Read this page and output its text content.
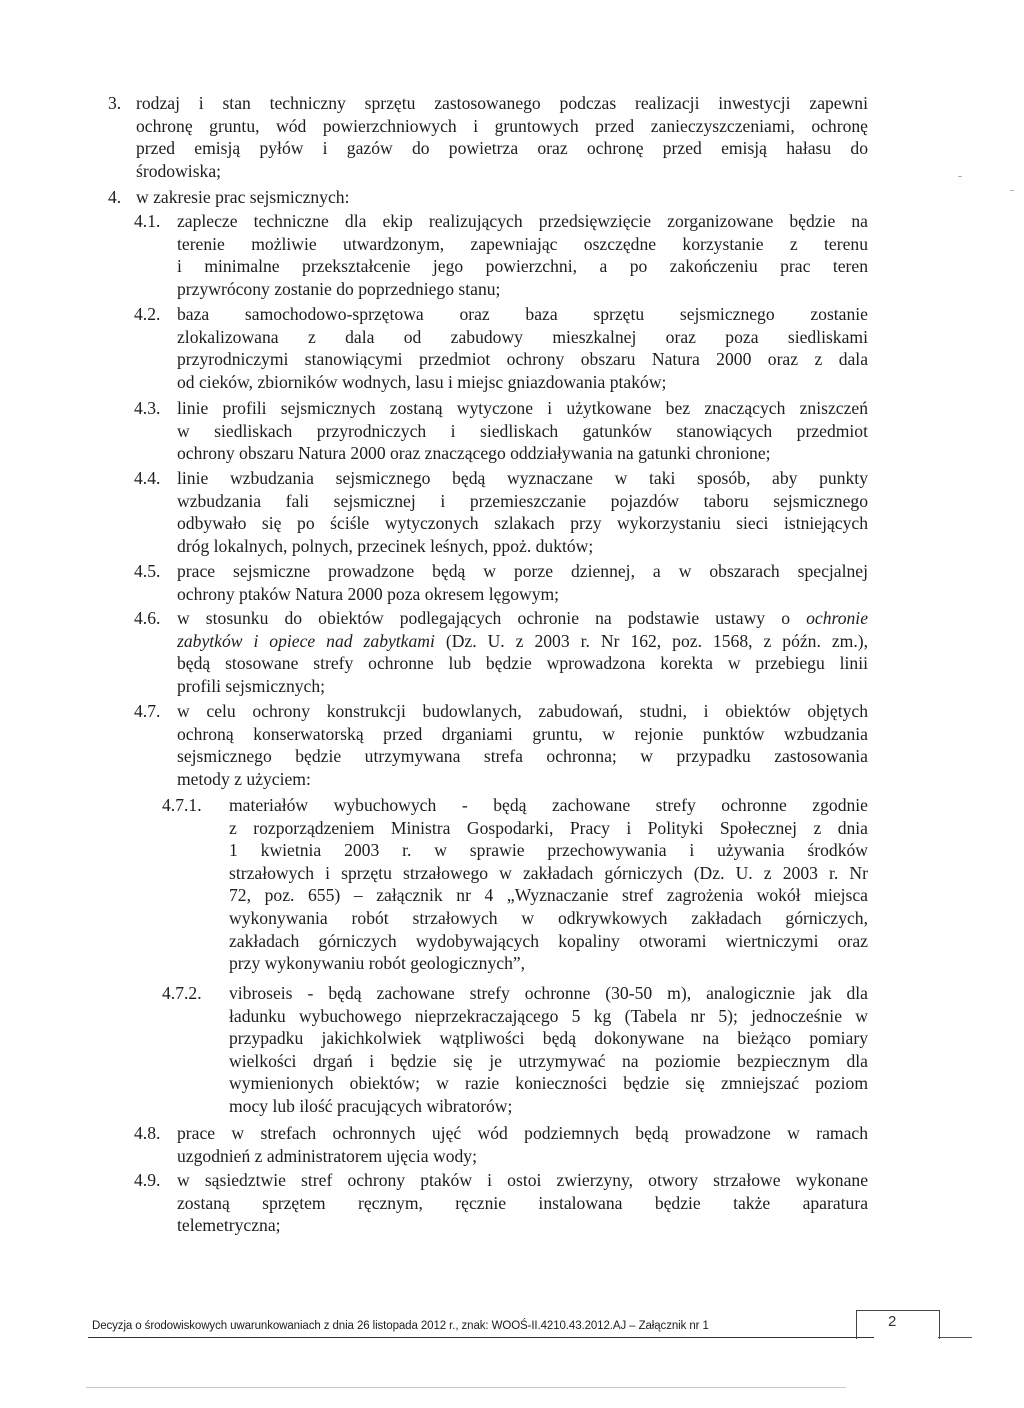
3. rodzaj i stan techniczny sprzętu zastosowanego podczas realizacji inwestycji zapewni
ochronę gruntu, wód powierzchniowych i gruntowych przed zanieczyszczeniami, ochronę
przed emisją pyłów i gazów do powietrza oraz ochronę przed emisją hałasu do
środowiska;
4. w zakresie prac sejsmicznych:
4.1. zaplecze techniczne dla ekip realizujących przedsięwzięcie zorganizowane będzie na
terenie możliwie utwardzonym, zapewniając oszczędne korzystanie z terenu
i minimalne przekształcenie jego powierzchni, a po zakończeniu prac teren
przywrócony zostanie do poprzedniego stanu;
4.2. baza samochodowo-sprzętowa oraz baza sprzętu sejsmicznego zostanie
zlokalizowana z dala od zabudowy mieszkalnej oraz poza siedliskami
przyrodniczymi stanowiącymi przedmiot ochrony obszaru Natura 2000 oraz z dala
od cieków, zbiorników wodnych, lasu i miejsc gniazdowania ptaków;
4.3. linie profili sejsmicznych zostaną wytyczone i użytkowane bez znaczących zniszczeń
w siedliskach przyrodniczych i siedliskach gatunków stanowiących przedmiot
ochrony obszaru Natura 2000 oraz znaczącego oddziaływania na gatunki chronione;
4.4. linie wzbudzania sejsmicznego będą wyznaczane w taki sposób, aby punkty
wzbudzania fali sejsmicznej i przemieszczanie pojazdów taboru sejsmicznego
odbywało się po ściśle wytyczonych szlakach przy wykorzystaniu sieci istniejących
dróg lokalnych, polnych, przecinek leśnych, ppoż. duktów;
4.5. prace sejsmiczne prowadzone będą w porze dziennej, a w obszarach specjalnej
ochrony ptaków Natura 2000 poza okresem lęgowym;
4.6. w stosunku do obiektów podlegających ochronie na podstawie ustawy o ochronie
zabytków i opiece nad zabytkami (Dz. U. z 2003 r. Nr 162, poz. 1568, z późn. zm.),
będą stosowane strefy ochronne lub będzie wprowadzona korekta w przebiegu linii
profili sejsmicznych;
4.7. w celu ochrony konstrukcji budowlanych, zabudowań, studni, i obiektów objętych
ochroną konserwatorską przed drganiami gruntu, w rejonie punktów wzbudzania
sejsmicznego będzie utrzymywana strefa ochronna; w przypadku zastosowania
metody z użyciem:
4.7.1. materiałów wybuchowych - będą zachowane strefy ochronne zgodnie
z rozporządzeniem Ministra Gospodarki, Pracy i Polityki Społecznej z dnia
1 kwietnia 2003 r. w sprawie przechowywania i używania środków
strzałowych i sprzętu strzałowego w zakładach górniczych (Dz. U. z 2003 r. Nr
72, poz. 655) – załącznik nr 4 „Wyznaczanie stref zagrożenia wokół miejsca
wykonywania robót strzałowych w odkrywkowych zakładach górniczych,
zakładach górniczych wydobywających kopaliny otworami wiertniczymi oraz
przy wykonywaniu robót geologicznych”,
4.7.2. vibroseis - będą zachowane strefy ochronne (30-50 m), analogicznie jak dla
ładunku wybuchowego nieprzekraczającego 5 kg (Tabela nr 5); jednocześnie w
przypadku jakichkolwiek wątpliwości będą dokonywane na bieżąco pomiary
wielkości drgań i będzie się je utrzymywać na poziomie bezpiecznym dla
wymienionych obiektów; w razie konieczności będzie się zmniejszać poziom
mocy lub ilość pracujących wibratorów;
4.8. prace w strefach ochronnych ujęć wód podziemnych będą prowadzone w ramach
uzgodnień z administratorem ujęcia wody;
4.9. w sąsiedztwie stref ochrony ptaków i ostoi zwierzyny, otwory strzałowe wykonane
zostaną sprzętem ręcznym, ręcznie instalowana będzie także aparatura
telemetryczna;
Decyzja o środowiskowych uwarunkowaniach z dnia 26 listopada 2012 r., znak: WOOŚ-II.4210.43.2012.AJ – Załącznik nr 1	2
